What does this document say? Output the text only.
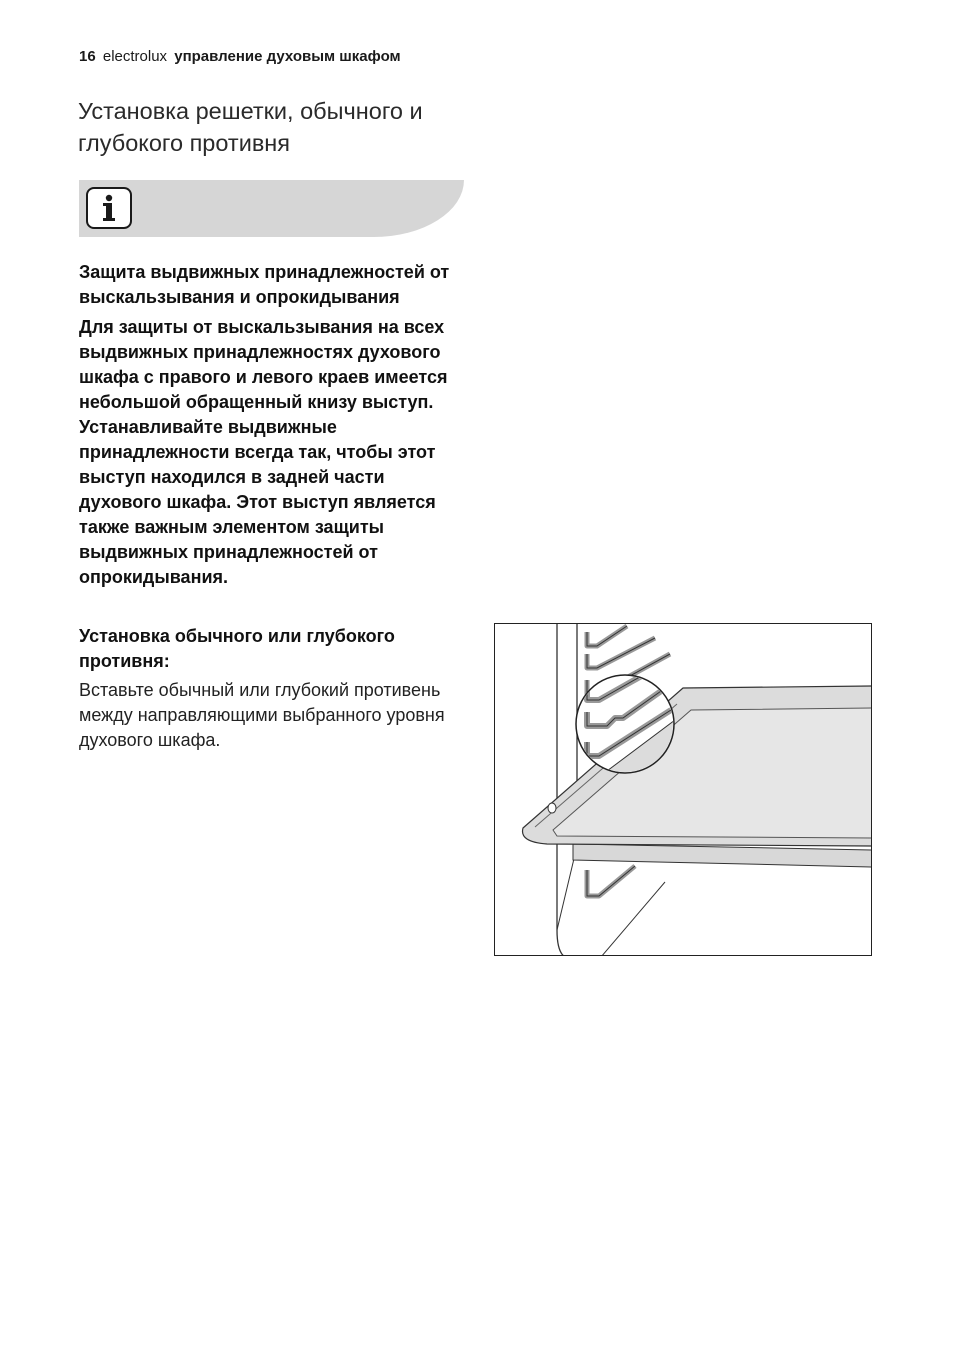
16 electrolux управление духовым шкафом
Установка решетки, обычного и глубокого противня
Защита выдвижных принадлежностей от выскальзывания и опрокидывания
Для защиты от выскальзывания на всех выдвижных принадлежностях духового шкафа с правого и левого краев имеется небольшой обращенный книзу выступ. Устанавливайте выдвижные принадлежности всегда так, чтобы этот выступ находился в задней части духового шкафа. Этот выступ является также важным элементом защиты выдвижных принадлежностей от опрокидывания.
Установка обычного или глубокого противня:
Вставьте обычный или глубокий противень между направляющими выбранного уровня духового шкафа.
